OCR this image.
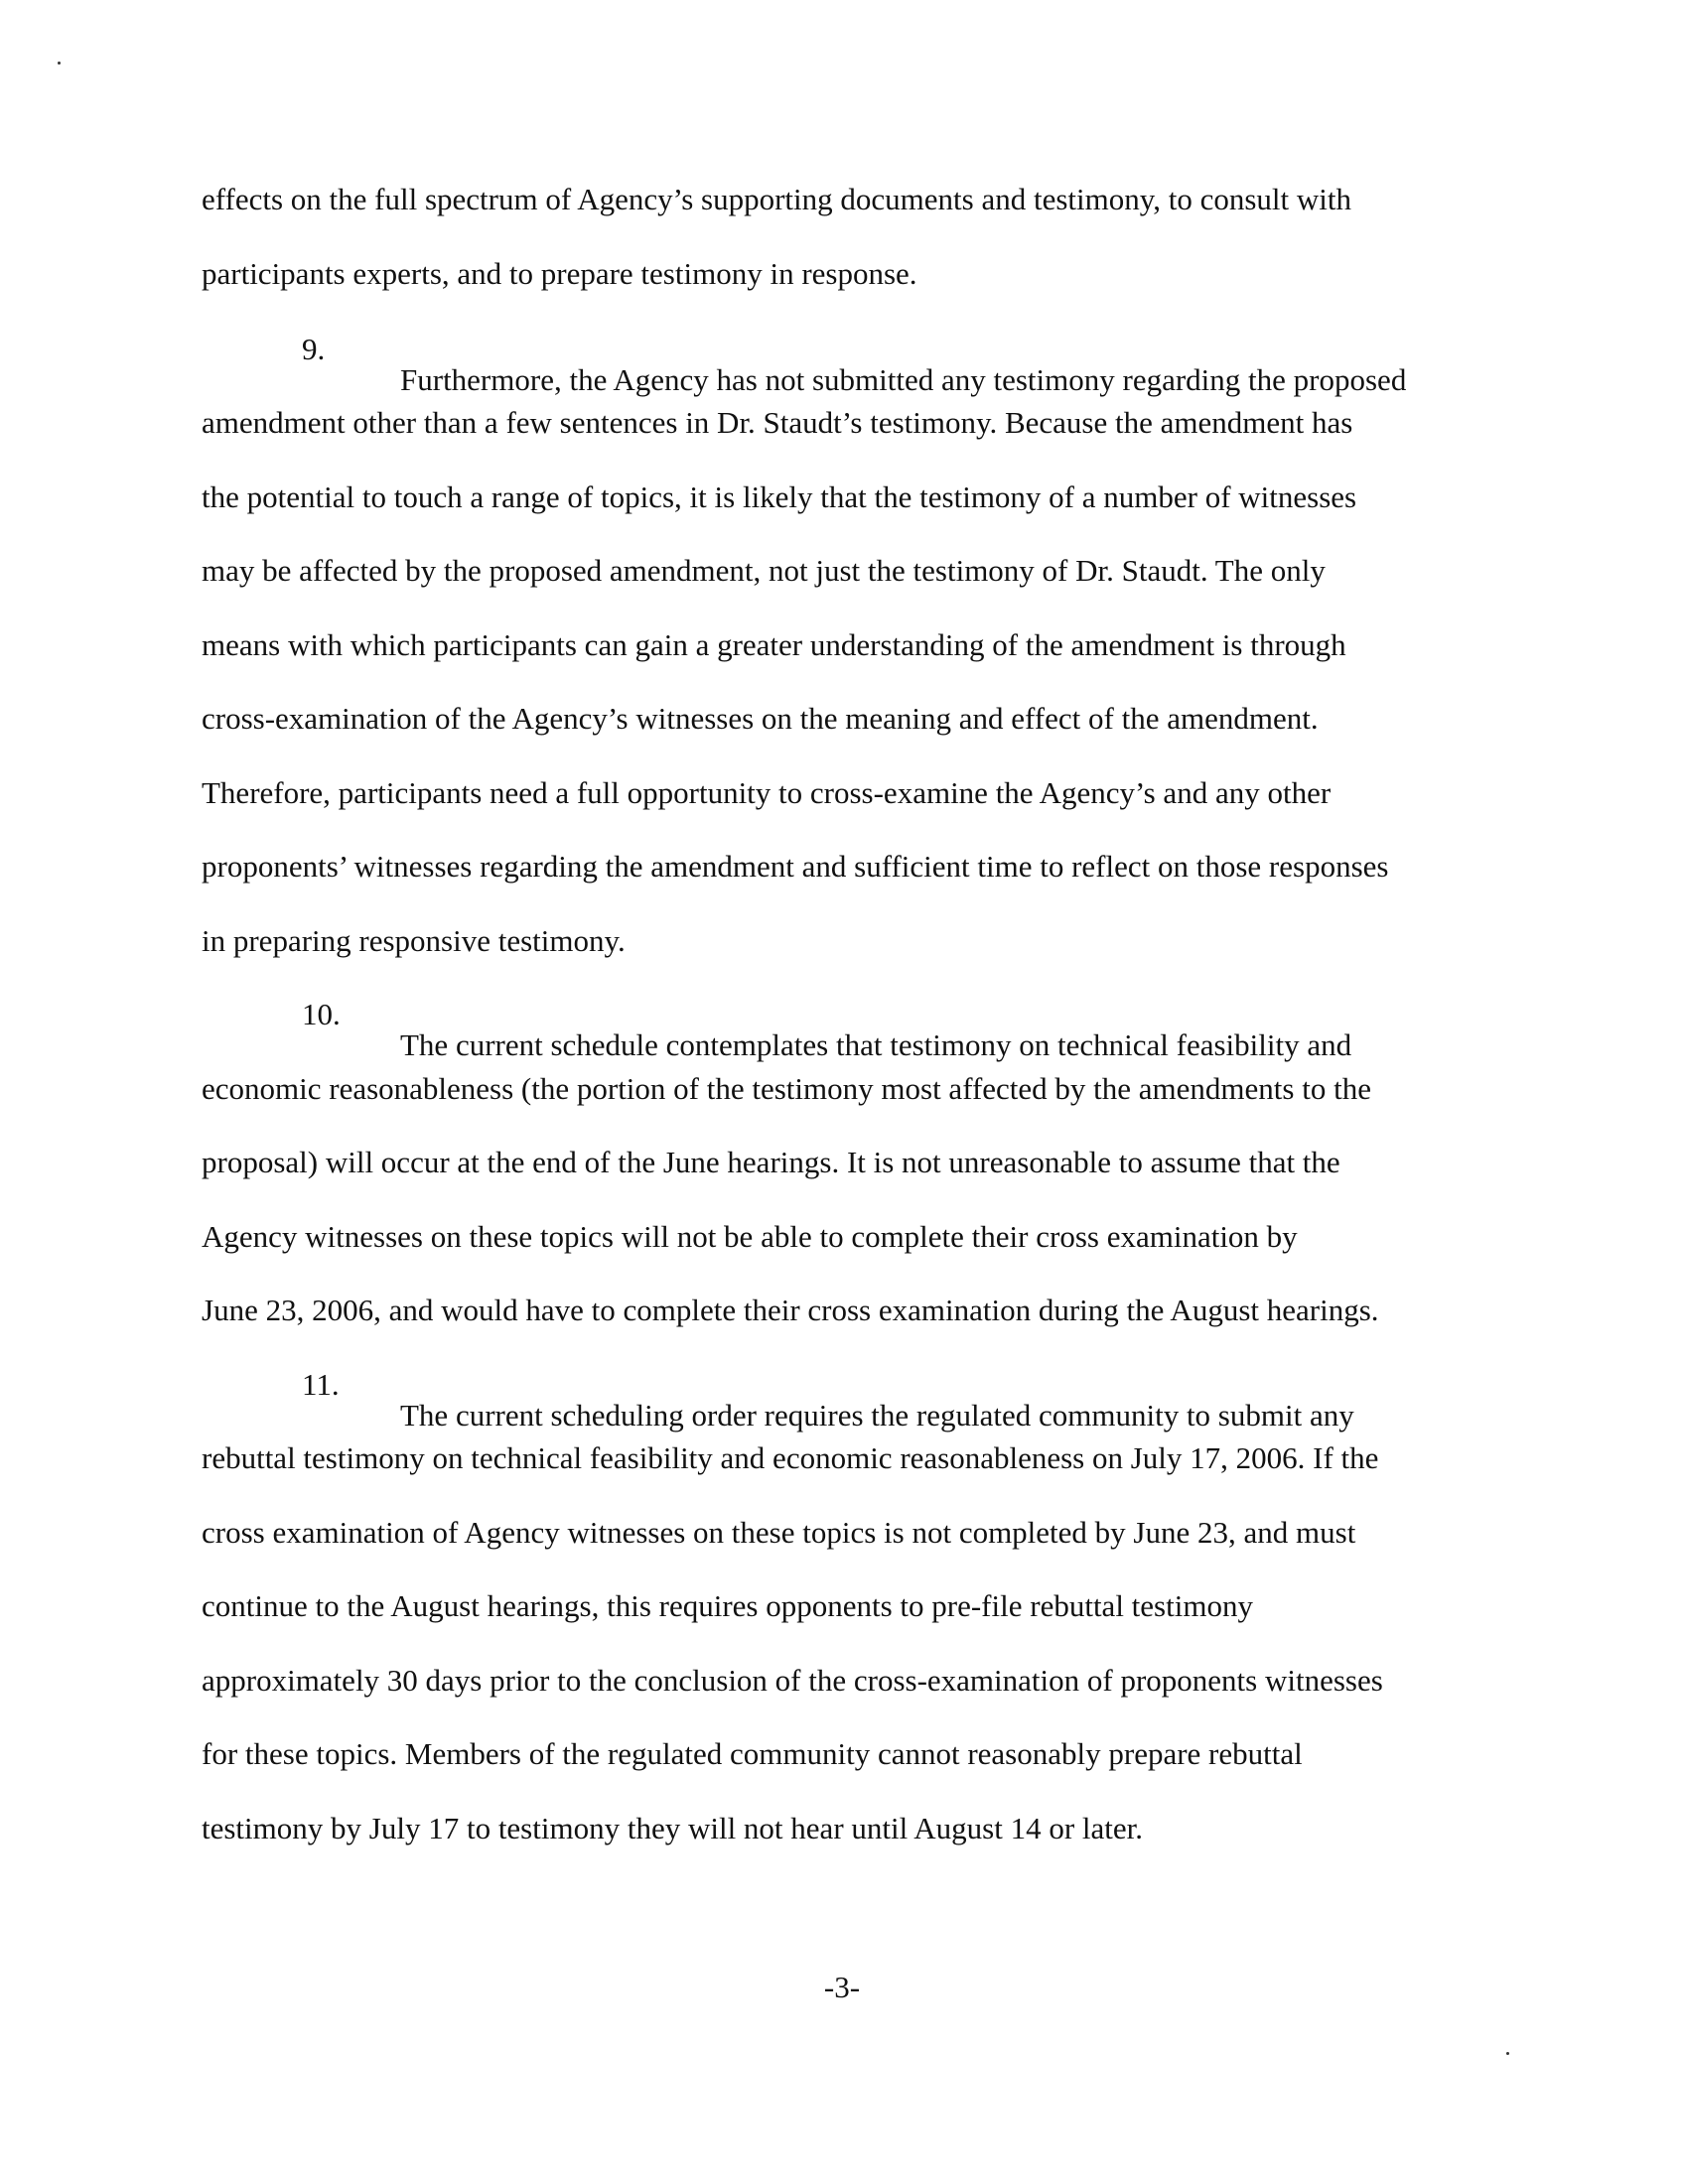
effects on the full spectrum of Agency’s supporting documents and testimony, to consult with

participants experts, and to prepare testimony in response.

9.

Furthermore, the Agency has not submitted any testimony regarding the proposed

amendment other than a few sentences in Dr. Staudt’s testimony. Because the amendment has

the potential to touch a range of topics, it is likely that the testimony of a number of witnesses

may be affected by the proposed amendment, not just the testimony of Dr. Staudt. The only

means with which participants can gain a greater understanding of the amendment is through

cross-examination of the Agency’s witnesses on the meaning and effect of the amendment.

Therefore, participants need a full opportunity to cross-examine the Agency’s and any other

proponents’ witnesses regarding the amendment and sufficient time to reflect on those responses

in preparing responsive testimony.

10.

The current schedule contemplates that testimony on technical feasibility and

economic reasonableness (the portion of the testimony most affected by the amendments to the

proposal) will occur at the end of the June hearings. It is not unreasonable to assume that the

Agency witnesses on these topics will not be able to complete their cross examination by

June 23, 2006, and would have to complete their cross examination during the August hearings.

11.

The current scheduling order requires the regulated community to submit any

rebuttal testimony on technical feasibility and economic reasonableness on July 17, 2006. If the

cross examination of Agency witnesses on these topics is not completed by June 23, and must

continue to the August hearings, this requires opponents to pre-file rebuttal testimony

approximately 30 days prior to the conclusion of the cross-examination of proponents witnesses

for these topics. Members of the regulated community cannot reasonably prepare rebuttal

testimony by July 17 to testimony they will not hear until August 14 or later.

-3-
